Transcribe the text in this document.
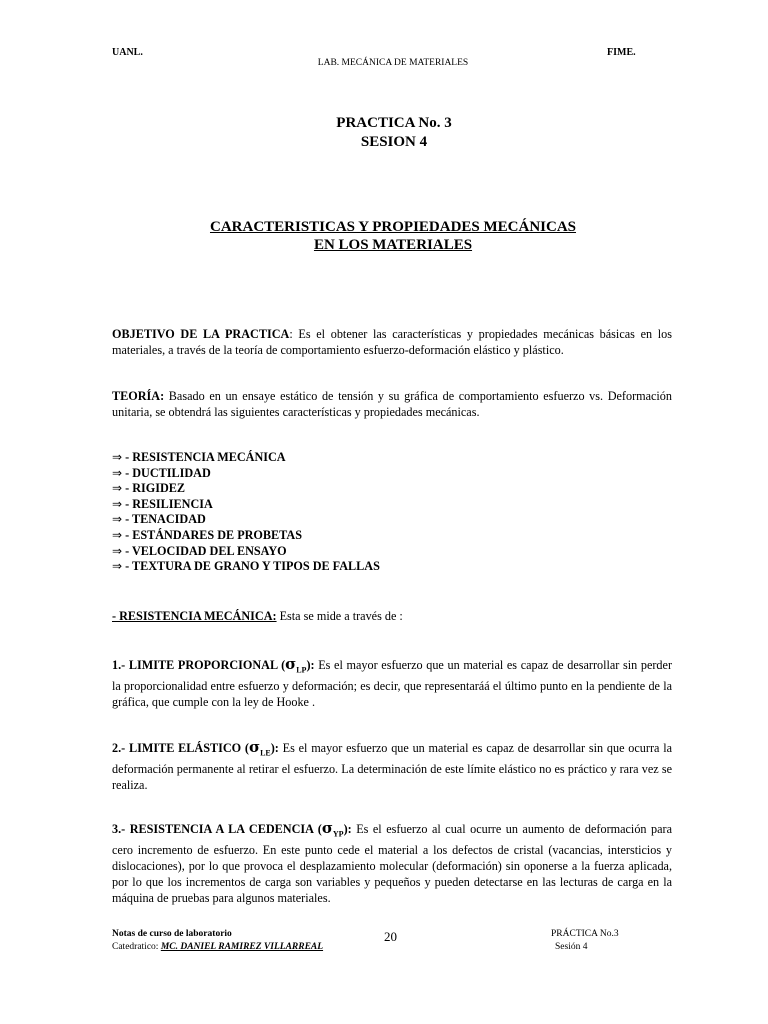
UANL.	FIME.
LAB. MECÁNICA DE MATERIALES
PRACTICA No. 3
SESION 4
CARACTERISTICAS Y PROPIEDADES MECÁNICAS
EN LOS MATERIALES
OBJETIVO DE LA PRACTICA: Es el obtener las características y propiedades mecánicas básicas en los materiales, a través de la teoría de comportamiento esfuerzo-deformación elástico y plástico.
TEORÍA: Basado en un ensaye estático de tensión y su gráfica de comportamiento esfuerzo vs. Deformación unitaria, se obtendrá las siguientes características y propiedades mecánicas.
⇒ - RESISTENCIA MECÁNICA
⇒ - DUCTILIDAD
⇒ - RIGIDEZ
⇒ - RESILIENCIA
⇒ - TENACIDAD
⇒ - ESTÁNDARES DE PROBETAS
⇒ - VELOCIDAD DEL ENSAYO
⇒ - TEXTURA DE GRANO Y TIPOS DE FALLAS
- RESISTENCIA MECÁNICA: Esta se mide a través de :
1.- LIMITE PROPORCIONAL $(\sigma_{LP})$: Es el mayor esfuerzo que un material es capaz de desarrollar sin perder la proporcionalidad entre esfuerzo y deformación; es decir, que representaráá el último punto en la pendiente de la gráfica, que cumple con la ley de Hooke .
2.- LIMITE ELÁSTICO $(\sigma_{LE})$: Es el mayor esfuerzo que un material es capaz de desarrollar sin que ocurra la deformación permanente al retirar el esfuerzo. La determinación de este límite elástico no es práctico y rara vez se realiza.
3.- RESISTENCIA A LA CEDENCIA $(\sigma_{YP})$: Es el esfuerzo al cual ocurre un aumento de deformación para cero incremento de esfuerzo. En este punto cede el material a los defectos de cristal (vacancias, intersticios y dislocaciones), por lo que provoca el desplazamiento molecular (deformación) sin oponerse a la fuerza aplicada, por lo que los incrementos de carga son variables y pequeños y pueden detectarse en las lecturas de carga en la máquina de pruebas para algunos materiales.
Notas de curso de laboratorio
Catedratico: MC. DANIEL RAMIREZ VILLARREAL
20	PRÁCTICA No.3
Sesión 4
